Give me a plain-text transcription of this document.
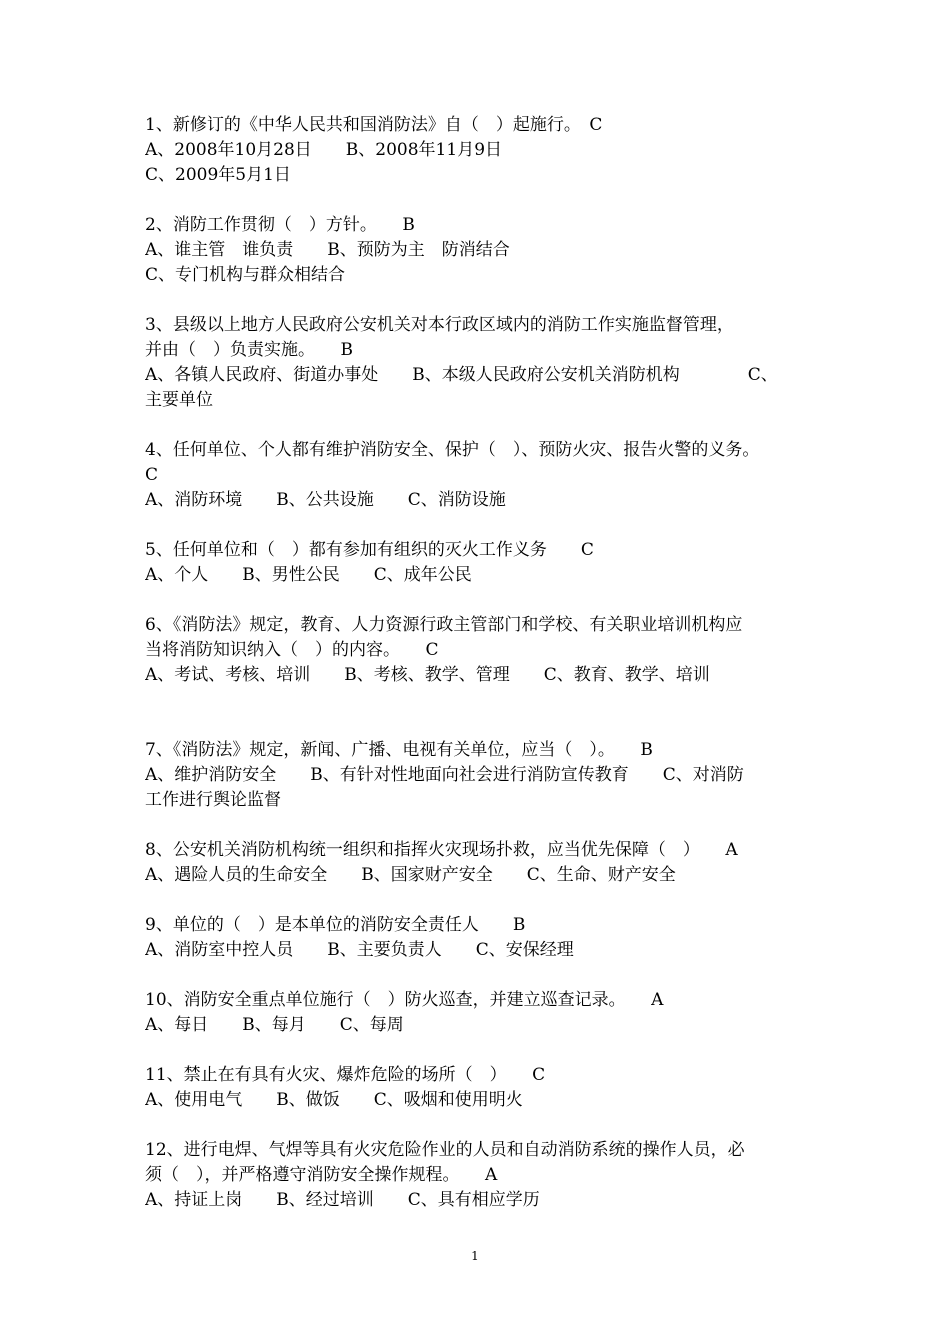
1、新修订的《中华人民共和国消防法》自（　）起施行。　C
A、2008年10月28日　　B、2008年11月9日
C、2009年5月1日
2、消防工作贯彻（　）方针。　　B
A、谁主管　谁负责　　B、预防为主　防消结合
C、专门机构与群众相结合
3、县级以上地方人民政府公安机关对本行政区域内的消防工作实施监督管理，
并由（　）负责实施。　　B
A、各镇人民政府、街道办事处　　B、本级人民政府公安机关消防机构　　　　C、
主要单位
4、任何单位、个人都有维护消防安全、保护（　）、预防火灾、报告火警的义务。
C
A、消防环境　　B、公共设施　　C、消防设施
5、任何单位和（　）都有参加有组织的灭火工作义务　　C
A、个人　　B、男性公民　　C、成年公民
6、《消防法》规定，教育、人力资源行政主管部门和学校、有关职业培训机构应
当将消防知识纳入（　）的内容。　　C
A、考试、考核、培训　　B、考核、教学、管理　　C、教育、教学、培训
7、《消防法》规定，新闻、广播、电视有关单位，应当（　）。　　B
A、维护消防安全　　B、有针对性地面向社会进行消防宣传教育　　C、对消防
工作进行舆论监督
8、公安机关消防机构统一组织和指挥火灾现场扑救，应当优先保障（　）　　A
A、遇险人员的生命安全　　B、国家财产安全　　C、生命、财产安全
9、单位的（　）是本单位的消防安全责任人　　B
A、消防室中控人员　　B、主要负责人　　C、安保经理
10、消防安全重点单位施行（　）防火巡查，并建立巡查记录。　　A
A、每日　　B、每月　　C、每周
11、禁止在有具有火灾、爆炸危险的场所（　）　　C
A、使用电气　　B、做饭　　C、吸烟和使用明火
12、进行电焊、气焊等具有火灾危险作业的人员和自动消防系统的操作人员，必
须（　），并严格遵守消防安全操作规程。　　A
A、持证上岗　　B、经过培训　　C、具有相应学历
1
